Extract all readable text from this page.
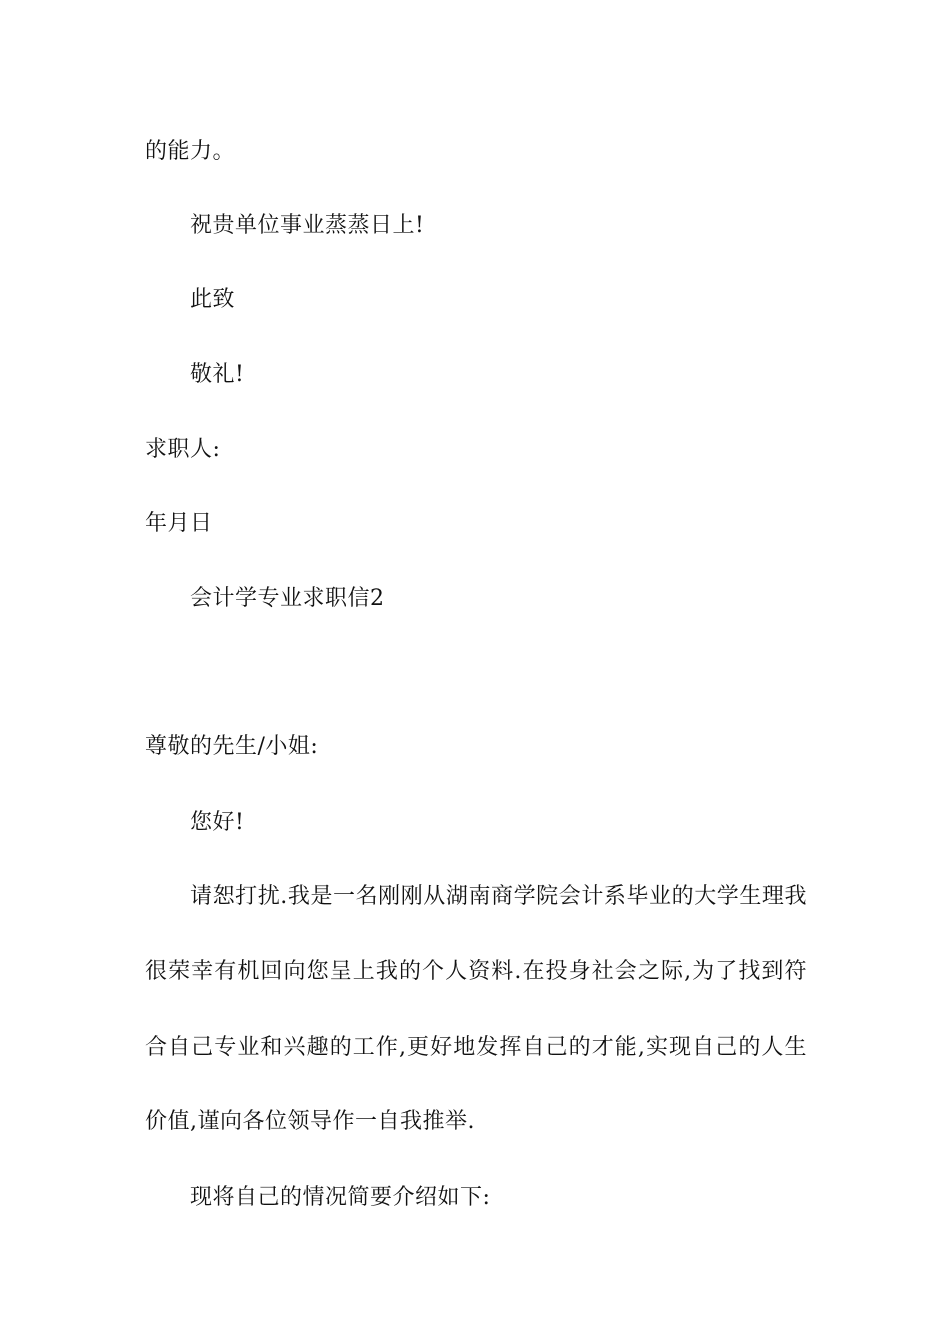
的能力。
祝贵单位事业蒸蒸日上!
此致
敬礼!
求职人:
年月日
会计学专业求职信2
尊敬的先生/小姐:
您好!
请恕打扰.我是一名刚刚从湖南商学院会计系毕业的大学生理我
很荣幸有机回向您呈上我的个人资料.在投身社会之际,为了找到符
合自己专业和兴趣的工作,更好地发挥自己的才能,实现自己的人生
价值,谨向各位领导作一自我推举.
现将自己的情况简要介绍如下:
